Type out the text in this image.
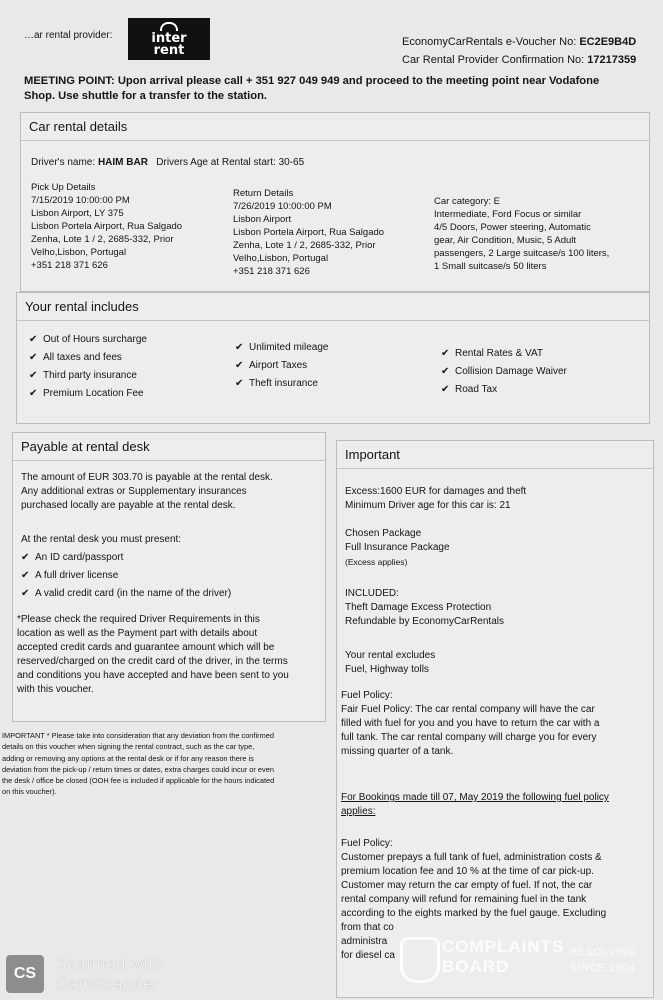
…ar rental provider:	inter
rent
EconomyCarRentals e-Voucher No: EC2E9B4D
Car Rental Provider Confirmation No: 17217359
MEETING POINT: Upon arrival please call + 351 927 049 949 and proceed to the meeting point near Vodafone
Shop. Use shuttle for a transfer to the station.
Car rental details
Driver's name: HAIM BAR Drivers Age at Rental start: 30-65
Pick Up Details
7/15/2019 10:00:00 PM
Lisbon Airport, LY 375
Lisbon Portela Airport, Rua Salgado
Zenha, Lote 1 / 2, 2685-332, Prior
Velho,Lisbon, Portugal
+351 218 371 626
Return Details
7/26/2019 10:00:00 PM
Lisbon Airport
Lisbon Portela Airport, Rua Salgado
Zenha, Lote 1 / 2, 2685-332, Prior
Velho,Lisbon, Portugal
+351 218 371 626
Car category: E
Intermediate, Ford Focus or similar
4/5 Doors, Power steering, Automatic
gear, Air Condition, Music, 5 Adult
passengers, 2 Large suitcase/s 100 liters,
1 Small suitcase/s 50 liters
Your rental includes
✔ Out of Hours surcharge
✔ All taxes and fees
✔ Third party insurance
✔ Premium Location Fee
✔ Unlimited mileage
✔ Airport Taxes
✔ Theft insurance
✔ Rental Rates & VAT
✔ Collision Damage Waiver
✔ Road Tax
Payable at rental desk
The amount of EUR 303.70 is payable at the rental desk.
Any additional extras or Supplementary insurances
purchased locally are payable at the rental desk.
At the rental desk you must present:
✔ An ID card/passport
✔ A full driver license
✔ A valid credit card (in the name of the driver)
*Please check the required Driver Requirements in this
location as well as the Payment part with details about
accepted credit cards and guarantee amount which will be
reserved/charged on the credit card of the driver, in the terms
and conditions you have accepted and have been sent to you
with this voucher.
IMPORTANT * Please take into consideration that any deviation from the confirmed
details on this voucher when signing the rental contract, such as the car type,
adding or removing any options at the rental desk or if for any reason there is
deviation from the pick-up / return times or dates, extra charges could incur or even
the desk / office be closed (OOH fee is included if applicable for the hours indicated
on this voucher).
Important
Excess:1600 EUR for damages and theft
Minimum Driver age for this car is: 21
Chosen Package
Full Insurance Package
(Excess applies)
INCLUDED:
Theft Damage Excess Protection
Refundable by EconomyCarRentals
Your rental excludes
Fuel, Highway tolls
Fuel Policy:
Fair Fuel Policy: The car rental company will have the car
filled with fuel for you and you have to return the car with a
full tank. The car rental company will charge you for every
missing quarter of a tank.
For Bookings made till 07, May 2019 the following fuel policy
applies:
Fuel Policy:
Customer prepays a full tank of fuel, administration costs &
premium location fee and 10 % at the time of car pick-up.
Customer may return the car empty of fuel. If not, the car
rental company will refund for remaining fuel in the tank
according to the eights marked by the fuel gauge. Excluding
from that co
administra
for diesel ca
CS
Scanned with
CamScanner
COMPLAINTS
BOARD
RESOLVING
SINCE 2004
